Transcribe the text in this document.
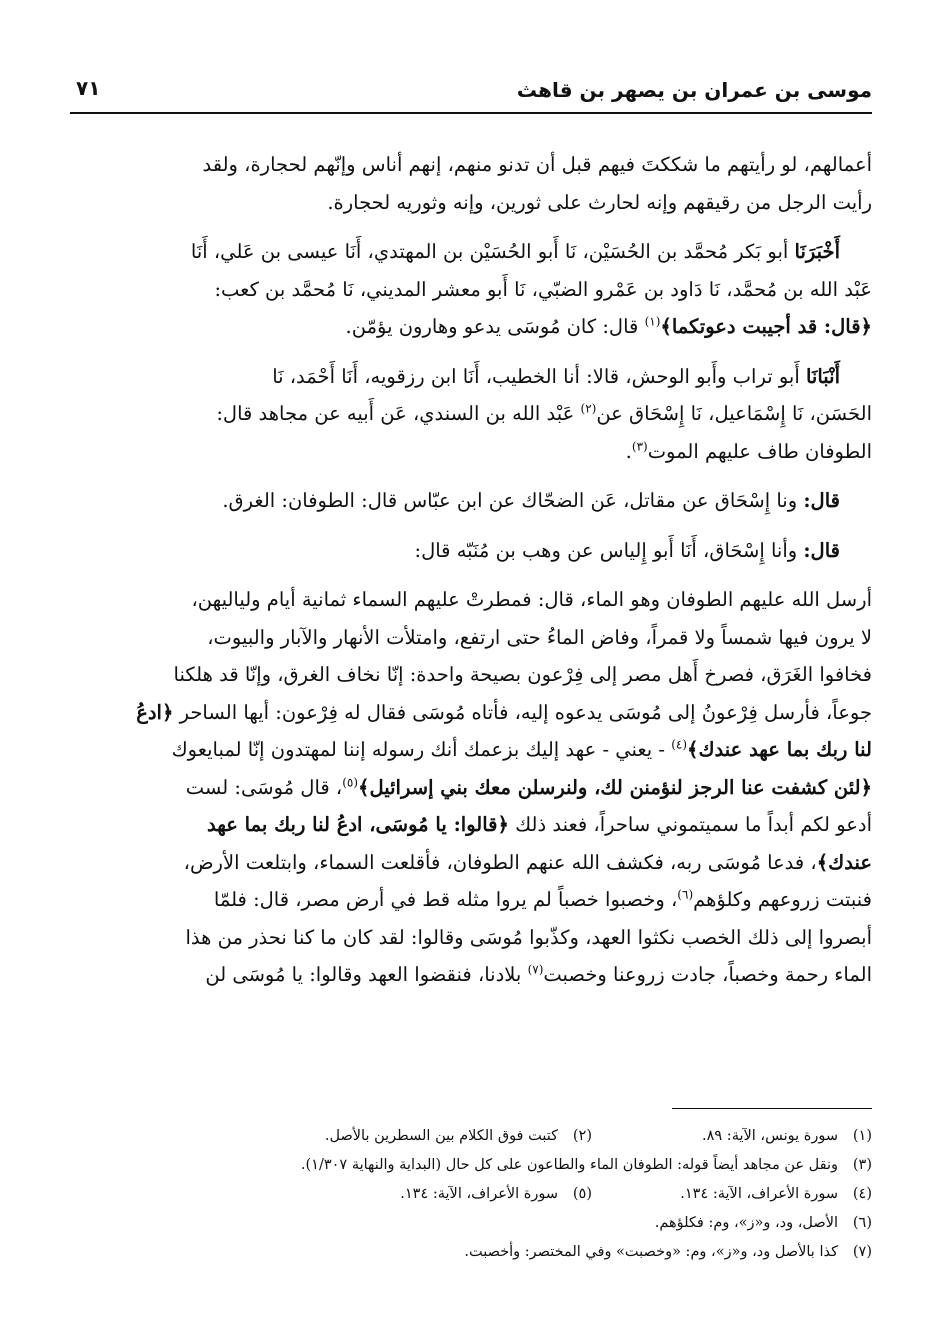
موسى بن عمران بن يصهر بن قاهث
٧١

أعمالهم، لو رأيتهم ما شككتَ فيهم قبل أن تدنو منهم، إنهم أناس وإنّهم لحجارة، ولقد
رأيت الرجل من رقيقهم وإنه لحارث على ثورين، وإنه وثوريه لحجارة.

أَخْبَرَنَا أبو بَكر مُحمَّد بن الحُسَيْن، نَا أَبو الحُسَيْن بن المهتدي، أَنَا عيسى بن عَلي، أَنَا
عَبْد الله بن مُحمَّد، نَا دَاود بن عَمْرو الضبّي، نَا أَبو معشر المديني، نَا مُحمَّد بن كعب:
﴿قال: قد أجيبت دعوتكما﴾$^{(١)}$ قال: كان مُوسَى يدعو وهارون يؤمّن.

أَنْبَانَا أَبو تراب وأَبو الوحش، قالا: أنا الخطيب، أَنَا ابن رزقويه، أَنَا أَحْمَد، نَا
الحَسَن، نَا إِسْمَاعيل، نَا إِسْحَاق عن$^{(٢)}$ عَبْد الله بن السندي، عَن أَبيه عن مجاهد قال:
الطوفان طاف عليهم الموت$^{(٣)}$.

قال: ونا إِسْحَاق عن مقاتل، عَن الضحّاك عن ابن عبّاس قال: الطوفان: الغرق.

قال: وأنا إِسْحَاق، أَنَا أَبو إِلياس عن وهب بن مُنَبّه قال:

أرسل الله عليهم الطوفان وهو الماء، قال: فمطرتْ عليهم السماء ثمانية أيام ولياليهن،
لا يرون فيها شمساً ولا قمراً، وفاض الماءُ حتى ارتفع، وامتلأت الأنهار والآبار والبيوت،
فخافوا الغَرَق، فصرخ أَهل مصر إلى فِرْعون بصيحة واحدة: إنّا نخاف الغرق، وإنّا قد هلكنا
جوعاً، فأرسل فِرْعونُ إلى مُوسَى يدعوه إليه، فأتاه مُوسَى فقال له فِرْعون: أيها الساحر ﴿ادعُ
لنا ربك بما عهد عندك﴾$^{(٤)}$ - يعني - عهد إليك بزعمك أنك رسوله إننا لمهتدون إنّا لمبايعوك
﴿لئن كشفت عنا الرجز لنؤمنن لك، ولنرسلن معك بني إسرائيل﴾$^{(٥)}$، قال مُوسَى: لست
أدعو لكم أبداً ما سميتموني ساحراً، فعند ذلك ﴿قالوا: يا مُوسَى، ادعُ لنا ربك بما عهد
عندك﴾، فدعا مُوسَى ربه، فكشف الله عنهم الطوفان، فأقلعت السماء، وابتلعت الأرض،
فنبتت زروعهم وكلؤهم$^{(٦)}$، وخصبوا خصباً لم يروا مثله قط في أرض مصر، قال: فلمّا
أبصروا إلى ذلك الخصب نكثوا العهد، وكذّبوا مُوسَى وقالوا: لقد كان ما كنا نحذر من هذا
الماء رحمة وخصباً، جادت زروعنا وخصبت$^{(٧)}$ بلادنا، فنقضوا العهد وقالوا: يا مُوسَى لن

(١)سورة يونس، الآية: ٨٩.
(٢)كتبت فوق الكلام بين السطرين بالأصل.
(٣)ونقل عن مجاهد أيضاً قوله: الطوفان الماء والطاعون على كل حال (البداية والنهاية ١/٣٠٧).
(٤)سورة الأعراف، الآية: ١٣٤.
(٥)سورة الأعراف، الآية: ١٣٤.
(٦)الأصل، ود، و«ز»، وم: فكلؤهم.
(٧)كذا بالأصل ود، و«ز»، وم: «وخصبت» وفي المختصر: وأخصبت.
